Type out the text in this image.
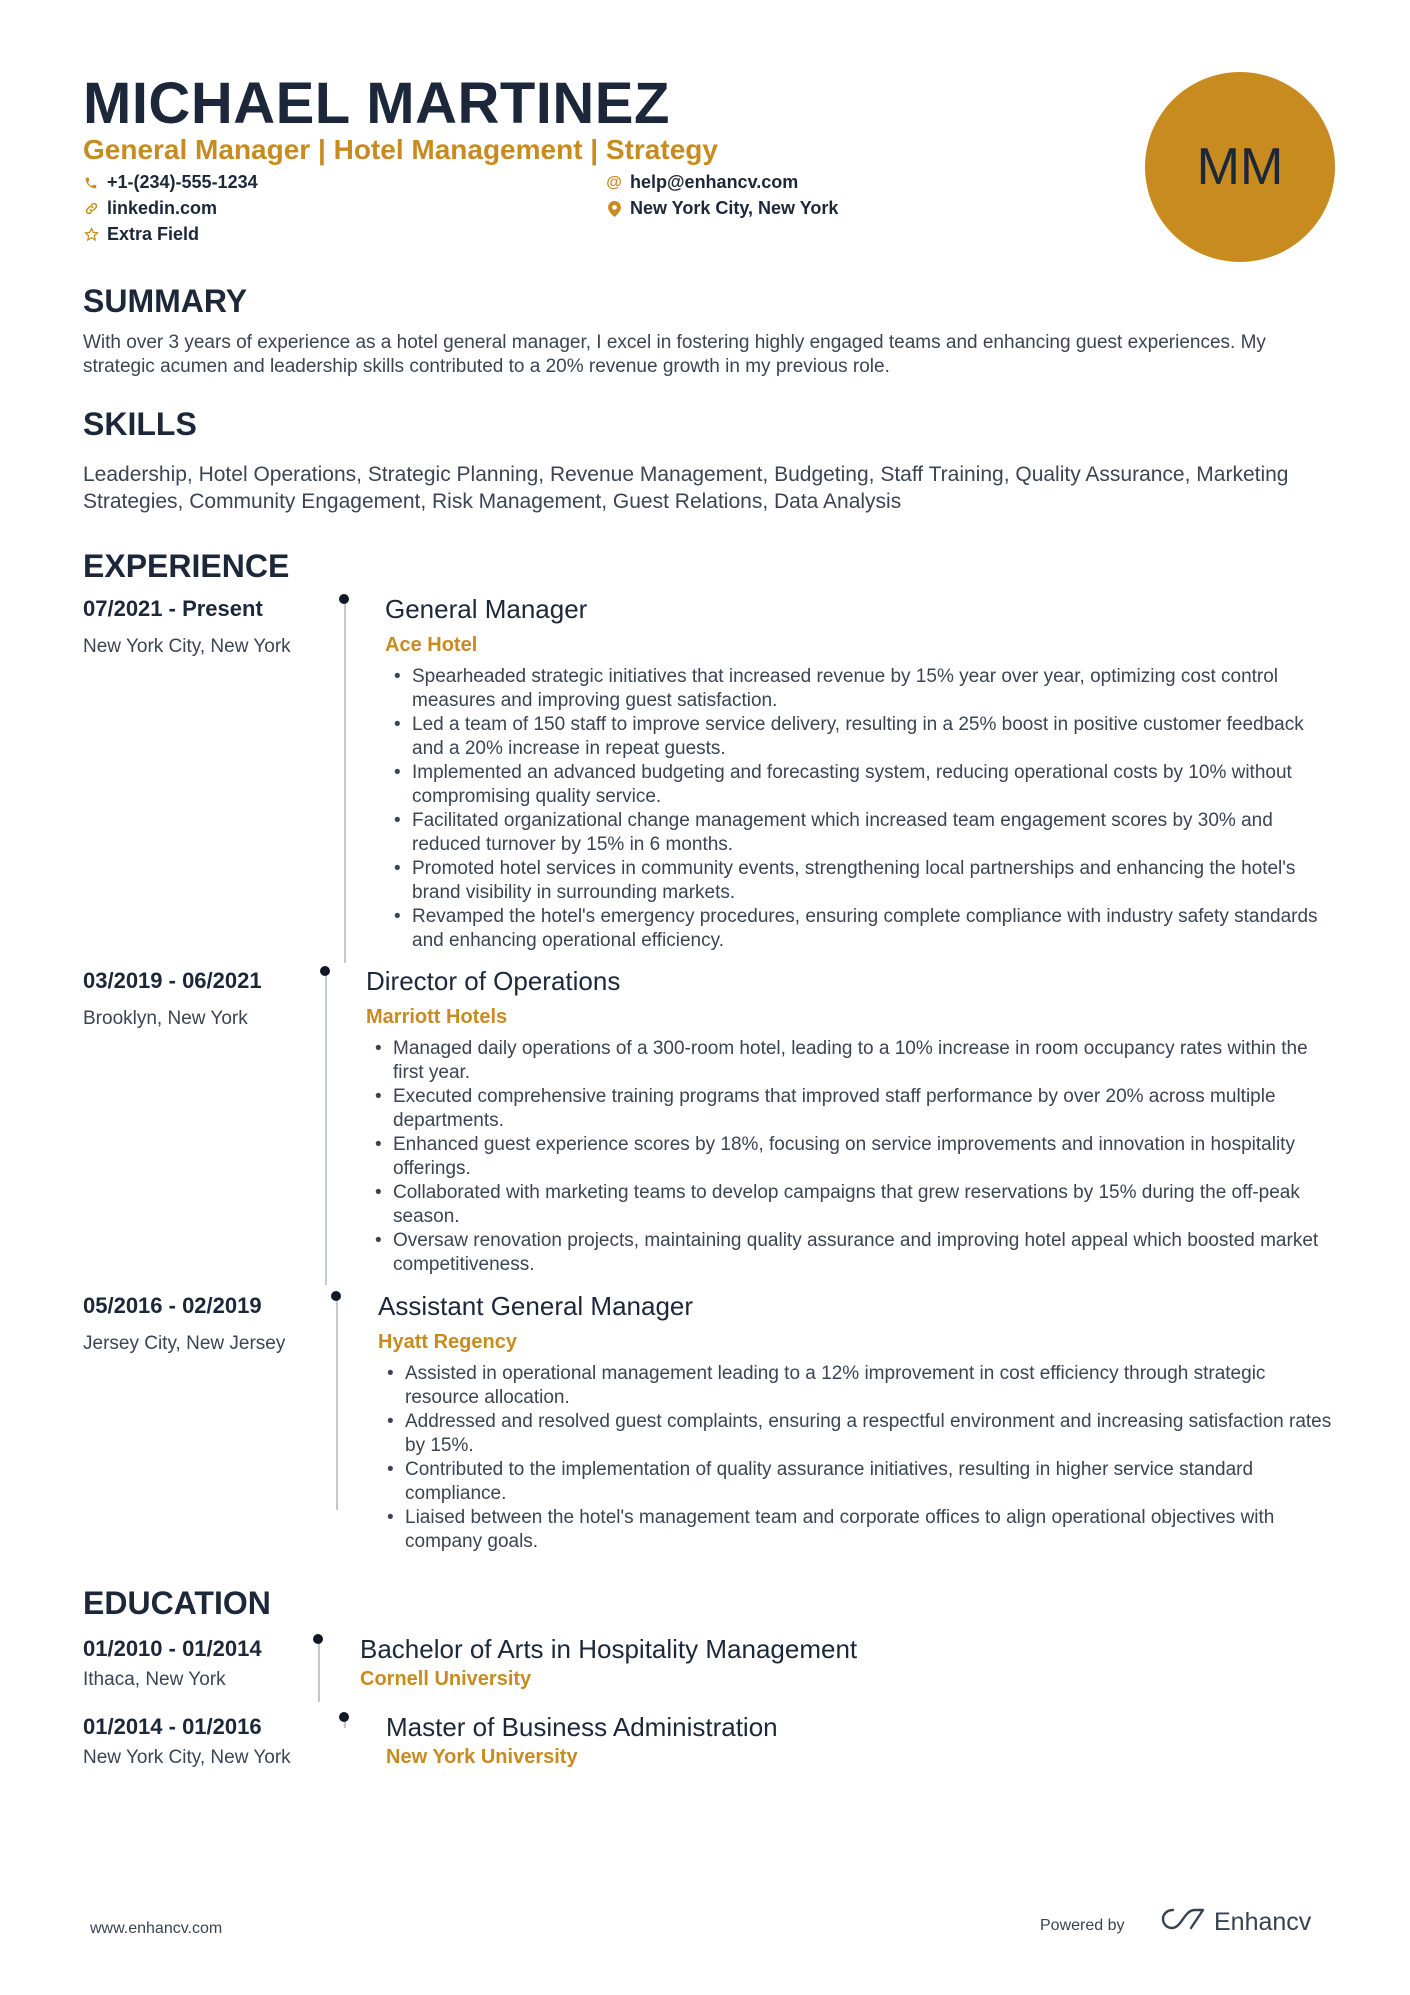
MICHAEL MARTINEZ
General Manager | Hotel Management | Strategy
+1-(234)-555-1234	@ help@enhancv.com
linkedin.com	New York City, New York
Extra Field
MM
SUMMARY
With over 3 years of experience as a hotel general manager, I excel in fostering highly engaged teams and enhancing guest experiences. My strategic acumen and leadership skills contributed to a 20% revenue growth in my previous role.
SKILLS
Leadership, Hotel Operations, Strategic Planning, Revenue Management, Budgeting, Staff Training, Quality Assurance, Marketing Strategies, Community Engagement, Risk Management, Guest Relations, Data Analysis
EXPERIENCE
07/2021 - Present
New York City, New York
General Manager
Ace Hotel
• Spearheaded strategic initiatives that increased revenue by 15% year over year, optimizing cost control measures and improving guest satisfaction.
• Led a team of 150 staff to improve service delivery, resulting in a 25% boost in positive customer feedback and a 20% increase in repeat guests.
• Implemented an advanced budgeting and forecasting system, reducing operational costs by 10% without compromising quality service.
• Facilitated organizational change management which increased team engagement scores by 30% and reduced turnover by 15% in 6 months.
• Promoted hotel services in community events, strengthening local partnerships and enhancing the hotel's brand visibility in surrounding markets.
• Revamped the hotel's emergency procedures, ensuring complete compliance with industry safety standards and enhancing operational efficiency.
03/2019 - 06/2021
Brooklyn, New York
Director of Operations
Marriott Hotels
• Managed daily operations of a 300-room hotel, leading to a 10% increase in room occupancy rates within the first year.
• Executed comprehensive training programs that improved staff performance by over 20% across multiple departments.
• Enhanced guest experience scores by 18%, focusing on service improvements and innovation in hospitality offerings.
• Collaborated with marketing teams to develop campaigns that grew reservations by 15% during the off-peak season.
• Oversaw renovation projects, maintaining quality assurance and improving hotel appeal which boosted market competitiveness.
05/2016 - 02/2019
Jersey City, New Jersey
Assistant General Manager
Hyatt Regency
• Assisted in operational management leading to a 12% improvement in cost efficiency through strategic resource allocation.
• Addressed and resolved guest complaints, ensuring a respectful environment and increasing satisfaction rates by 15%.
• Contributed to the implementation of quality assurance initiatives, resulting in higher service standard compliance.
• Liaised between the hotel's management team and corporate offices to align operational objectives with company goals.
EDUCATION
01/2010 - 01/2014
Ithaca, New York
Bachelor of Arts in Hospitality Management
Cornell University
01/2014 - 01/2016
New York City, New York
Master of Business Administration
New York University
www.enhancv.com	Powered by	Enhancv
